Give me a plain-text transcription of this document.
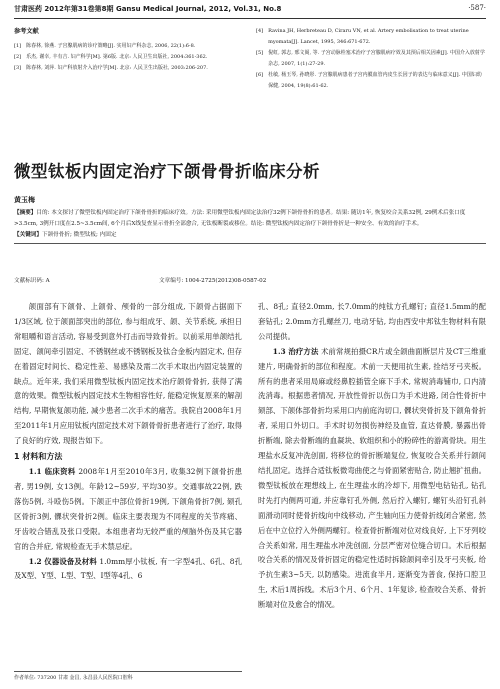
甘肃医药 2012年第31卷第8期 Gansu Medical Journal, 2012, Vol.31, No.8	·587·
参考文献
[1] 陈春林, 徐燕. 子宫腺肌病的诊疗策略[J]. 实用妇产科杂志, 2006, 22(1):6-8.
[2] 乐杰, 谢幸, 丰有吉. 妇产科学[M]. 第6版. 北京: 人民卫生出版社, 2004:361-362.
[3] 陈春林, 刘萍. 妇产科放射介入治疗学[M]. 北京: 人民卫生出版社, 2003:206-207.
[4] Ravina JH, Herbreteau D, Ciraru VN, et al. Artery embolisation to treat uterine myomata[J]. Lancet, 1995, 346:671-672.
[5] 倪虹, 郭志, 邢文阁, 等. 子宫动脉栓塞术治疗子宫腺肌病疗效及其预后相关因素[J]. 中国介入放射学杂志, 2007, 1(1):27-29.
[6] 杜敏, 杨玉琴, 孙晓彤. 子宫腺肌病患者子宫内膜血管内皮生长因子的表达与临床意义[J]. 中国妇幼保健, 2004, 19(8):61-62.
微型钛板内固定治疗下颌骨骨折临床分析
黄玉梅
【摘要】目的: 本文探讨了微型钛板内固定治疗下颌骨骨折的临床疗效。方法: 采用微型钛板内固定法治疗32例下颌骨骨折的患者。结果: 随访1年, 恢复咬合关系32例, 29例术后张口度>3.5cm, 3例开口度在2.5~3.5cm间, 6个月后X线复查显示骨折全部愈合, 无钛板断裂或移位。结论: 微型钛板内固定治疗下颌骨骨折是一种安全、有效的治疗手术。
【关键词】下颌骨骨折; 微型钛板; 内固定
文献标识码: A	文章编号: 1004-2725(2012)08-0587-02

颌面部有下颌骨、上颌骨、颅骨的一部分组成, 下颌骨占据面下1/3区域, 位于颌面部突出的部位, 参与组成牙、颌、关节系统, 承担日常咀嚼和语言活动, 容易受到意外打击而导致骨折。以前采用单颌结扎固定、颌间牵引固定、不锈钢丝或不锈钢板及钛合金板内固定术, 但存在着固定时间长、稳定性差、易感染及需二次手术取出内固定装置的缺点。近年来, 我们采用微型钛板内固定技术治疗颌骨骨折, 获得了满意的效果。微型钛板内固定技术生物相容性好, 能稳定恢复原来的解剖结构, 早期恢复颌功能, 减少患者二次手术的痛苦。我院自2008年1月至2011年1月应用钛板内固定技术对下颌骨骨折患者进行了治疗, 取得了良好的疗效, 现报告如下。

1 材料和方法

1.1 临床资料 2008年1月至2010年3月, 收集32例下颌骨折患者, 男19例, 女13例。年龄12~59岁, 平均30岁。交通事故22例, 跌落伤5例, 斗殴伤5例。下颌正中部位骨折19例, 下颌角骨折7例, 颏孔区骨折3例, 髁状突骨折2例。临床主要表现为不同程度的关节疼痛、牙齿咬合错乱及张口受限。本组患者均无较严重的颅脑外伤及其它器官的合并症, 常规检查无手术禁忌症。

1.2 仪器设备及材料 1.0mm厚小钛板, 有一字型4孔、6孔、8孔及X型、Y型、L型、T型、I型等4孔、6

孔、8孔; 直径2.0mm, 长7.0mm的纯钛方孔螺钉; 直径1.5mm的配套钻孔; 2.0mm方孔螺丝刀, 电动牙钻, 均由西安中邦钛生物材料有限公司提供。

1.3 治疗方法 术前常规拍摄CR片或全颌曲面断层片及CT三维重建片, 明确骨折的部位和程度。术前一天便用抗生素, 拴结牙弓夹板。所有的患者采用局麻或经鼻腔插管全麻下手术, 常规消毒铺巾, 口内清洗消毒。根据患者情况, 开放性骨折以伤口为手术进路, 闭合性骨折中颏部、下颌体部骨折均采用口内前庭沟切口, 髁状突骨折及下颌角骨折者, 采用口外切口。手术时切勿损伤神经及血管, 直达骨膜, 暴露出骨折断端, 除去骨断端的血凝块、软组织和小的粉碎性的游离骨块。用生理盐水反复冲洗创面, 将移位的骨折断端复位, 恢复咬合关系并行颌间结扎固定。选择合适钛板微弯曲使之与骨面紧密贴合, 防止翘扩扭曲。微型钛板放在理想线上, 在生理盐水的冷却下, 用微型电钻钻孔, 钻孔时先打内侧两可道, 并应靠钉孔外侧, 然后拧入螺钉, 螺钉头沿钉孔斜面滑动同时使骨折线向中线移动, 产生轴向压力使骨折线闭合紧密, 然后在中立位拧入外侧两螺钉。检查骨折断端对位对线良好, 上下牙列咬合关系如常, 用生理盐水冲洗创面, 分层严密对位缝合切口。术后根据咬合关系的情况及骨折固定的稳定性适时拆除颌间牵引及牙弓夹板, 给予抗生素3~5天, 以防感染。进流食半月, 逐渐变为普食, 保持口腔卫生, 术后1周拆线。术后3个月、6个月、1年复诊, 检查咬合关系、骨折断端对位及愈合的情况。

作者单位: 737200 甘肃 金昌, 永昌县人民医院口腔科
